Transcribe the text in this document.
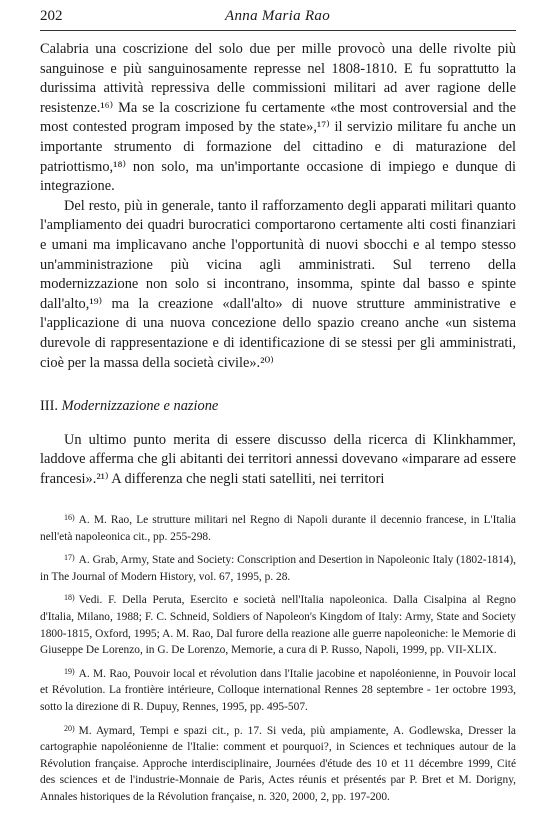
202	Anna Maria Rao

Calabria una coscrizione del solo due per mille provocò una delle rivolte più sanguinose e più sanguinosamente represse nel 1808-1810. E fu soprattutto la durissima attività repressiva delle commissioni militari ad aver ragione delle resistenze.¹⁶⁾ Ma se la coscrizione fu certamente «the most controversial and the most contested program imposed by the state»,¹⁷⁾ il servizio militare fu anche un importante strumento di formazione del cittadino e di maturazione del patriottismo,¹⁸⁾ non solo, ma un'importante occasione di impiego e dunque di integrazione.

Del resto, più in generale, tanto il rafforzamento degli apparati militari quanto l'ampliamento dei quadri burocratici comportarono certamente alti costi finanziari e umani ma implicavano anche l'opportunità di nuovi sbocchi e al tempo stesso un'amministrazione più vicina agli amministrati. Sul terreno della modernizzazione non solo si incontrano, insomma, spinte dal basso e spinte dall'alto,¹⁹⁾ ma la creazione «dall'alto» di nuove strutture amministrative e l'applicazione di una nuova concezione dello spazio creano anche «un sistema durevole di rappresentazione e di identificazione di se stessi per gli amministrati, cioè per la massa della società civile».²⁰⁾

III. Modernizzazione e nazione

Un ultimo punto merita di essere discusso della ricerca di Klinkhammer, laddove afferma che gli abitanti dei territori annessi dovevano «imparare ad essere francesi».²¹⁾ A differenza che negli stati satelliti, nei territori

$^{16)}$ A. M. Rao, Le strutture militari nel Regno di Napoli durante il decennio francese, in L'Italia nell'età napoleonica cit., pp. 255-298.

$^{17)}$ A. Grab, Army, State and Society: Conscription and Desertion in Napoleonic Italy (1802-1814), in The Journal of Modern History, vol. 67, 1995, p. 28.

$^{18)}$ Vedi. F. Della Peruta, Esercito e società nell'Italia napoleonica. Dalla Cisalpina al Regno d'Italia, Milano, 1988; F. C. Schneid, Soldiers of Napoleon's Kingdom of Italy: Army, State and Society 1800-1815, Oxford, 1995; A. M. Rao, Dal furore della reazione alle guerre napoleoniche: le Memorie di Giuseppe De Lorenzo, in G. De Lorenzo, Memorie, a cura di P. Russo, Napoli, 1999, pp. VII-XLIX.

$^{19)}$ A. M. Rao, Pouvoir local et révolution dans l'Italie jacobine et napoléonienne, in Pouvoir local et Révolution. La frontière intérieure, Colloque international Rennes 28 septembre - 1er octobre 1993, sotto la direzione di R. Dupuy, Rennes, 1995, pp. 495-507.

$^{20)}$ M. Aymard, Tempi e spazi cit., p. 17. Si veda, più ampiamente, A. Godlewska, Dresser la cartographie napoléonienne de l'Italie: comment et pourquoi?, in Sciences et techniques autour de la Révolution française. Approche interdisciplinaire, Journées d'étude des 10 et 11 décembre 1999, Cité des sciences et de l'industrie-Monnaie de Paris, Actes réunis et présentés par P. Bret et M. Dorigny, Annales historiques de la Révolution française, n. 320, 2000, 2, pp. 197-200.
